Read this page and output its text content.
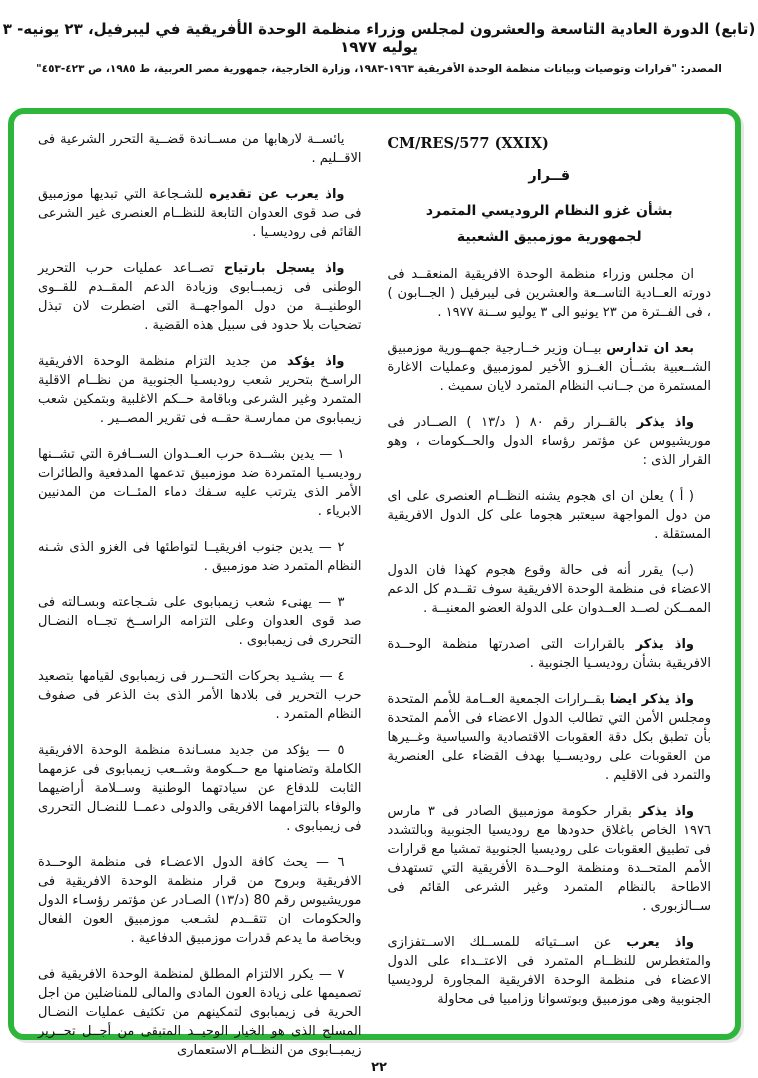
(تابع) الدورة العادية التاسعة والعشرون لمجلس وزراء منظمة الوحدة الأفريقية في ليبرفيل، ٢٣ يونيه- ٣ يوليه ١٩٧٧
المصدر: "قرارات وتوصيات وبيانات منظمة الوحدة الأفريقية ١٩٦٣-١٩٨٣، وزارة الخارجية، جمهورية مصر العربية، ط ١٩٨٥، ص ٤٢٣-٤٥٣"
CM/RES/577 (XXIX)
قــرار
بشأن غزو النظام الروديسي المتمرد
لجمهورية موزمبيق الشعبية

ان مجلس وزراء منظمة الوحدة الافريقية المنعقــد فى دورته العــادية التاســعة والعشرين فى ليبرفيل ( الجــابون ) ، فى الفــترة من ٢٣ يونيو الى ٣ يوليو ســنة ١٩٧٧ .

بعد ان تدارس بيــان وزير خــارجية جمهــورية موزمبيق الشــعبية بشــأن الغــزو الأخير لموزمبيق وعمليات الاغارة المستمرة من جــانب النظام المتمرد لايان سميث .

واذ يذكر بالقــرار رقم ٨٠ ( د/١٣ ) الصــادر فى موريشيوس عن مؤتمر رؤساء الدول والحــكومات ، وهو القرار الذى :

( أ ) يعلن ان اى هجوم يشنه النظــام العنصرى على اى من دول المواجهة سيعتبر هجوما على كل الدول الافريقية المستقلة .

(ب) يقرر أنه فى حالة وقوع هجوم كهذا فان الدول الاعضاء فى منظمة الوحدة الافريقية سوف تقــدم كل الدعم الممــكن لصــد العــدوان على الدولة العضو المعنيــة .

واذ يذكر بالقرارات التى اصدرتها منظمة الوحــدة الافريقية بشأن روديسـيا الجنوبية .

واذ يذكر ايضا بقــرارات الجمعية العــامة للأمم المتحدة ومجلس الأمن التي تطالب الدول الاعضاء فى الأمم المتحدة بأن تطبق بكل دقة العقوبات الاقتصادية والسياسية وغــيرها من العقوبات على روديســيا بهدف القضاء على العنصرية والتمرد فى الاقليم .

واذ يذكر بقرار حكومة موزمبيق الصادر فى ٣ مارس ١٩٧٦ الخاص باغلاق حدودها مع روديسيا الجنوبية وبالتشدد فى تطبيق العقوبات على روديسيا الجنوبية تمشيا مع قرارات الأمم المتحــدة ومنظمة الوحــدة الأفريقية التي تستهدف الاطاحة بالنظام المتمرد وغير الشرعى القائم فى ســالزبورى .

واذ يعرب عن اســتيائه للمســلك الاســتفزازى والمتغطرس للنظــام المتمرد فى الاعتــداء على الدول الاعضاء فى منظمة الوحدة الافريقية المجاورة لروديسيا الجنوبية وهى موزمبيق وبوتسوانا وزامبيا فى محاولة

يائســة لارهابها من مســاندة قضــية التحرر الشرعية فى الاقــليم .

واذ يعرب عن تقديره للشـجاعة التي تبديها موزمبيق فى صد قوى العدوان التابعة للنظــام العنصرى غير الشرعى القائم فى روديسـيا .

واذ يسجل بارتياح تصــاعد عمليات حرب التحرير الوطنى فى زيمبــابوى وزيادة الدعم المقــدم للقــوى الوطنيــة من دول المواجهــة التى اضطرت لان تبذل تضحيات بلا حدود فى سبيل هذه القضية .

واذ يؤكد من جديد التزام منظمة الوحدة الافريقية الراسـخ بتحرير شعب روديسـيا الجنوبية من نظــام الاقلية المتمرد وغير الشرعى وباقامة حــكم الاغلبية وبتمكين شعب زيمبابوى من ممارسـة حقــه فى تقرير المصــير .

١ — يدين بشــدة حرب العــدوان الســافرة التي تشــنها روديسـيا المتمردة ضد موزمبيق تدعمها المدفعية والطائرات الأمر الذى يترتب عليه سـفك دماء المئــات من المدنيين الابرياء .

٢ — يدين جنوب افريقيــا لتواطئها فى الغزو الذى شـنه النظام المتمرد ضد موزمبيق .

٣ — يهنىء شعب زيمبابوى على شـجاعته وبسـالته فى صد قوى العدوان وعلى التزامه الراســخ تجــاه النضـال التحررى فى زيمبابوى .

٤ — يشـيد بحركات التحــرر فى زيمبابوى لقيامها بتصعيد حرب التحرير فى بلادها الأمر الذى بث الذعر فى صفوف النظام المتمرد .

٥ — يؤكد من جديد مسـاندة منظمة الوحدة الافريقية الكاملة وتضامنها مع حــكومة وشــعب زيمبابوى فى عزمهما الثابت للدفاع عن سيادتهما الوطنية وســلامة أراضيهما والوفاء بالتزامهما الافريقى والدولى دعمــا للنضـال التحررى فى زيمبابوى .

٦ — يحث كافة الدول الاعضـاء فى منظمة الوحــدة الافريقية وبروح من قرار منظمة الوحدة الافريقية فى موريشيوس رقم 80 (د/١٣) الصـادر عن مؤتمر رؤسـاء الدول والحكومات ان تتقــدم لشـعب موزمبيق العون الفعال وبخاصة ما يدعم قدرات موزمبيق الدفاعية .

٧ — يكرر الالتزام المطلق لمنظمة الوحدة الافريقية فى تصميمها على زيادة العون المادى والمالى للمناضلين من اجل الحرية فى زيمبابوى لتمكينهم من تكثيف عمليات النضـال المسلح الذى هو الخيار الوحيــد المتبقى من أجــل تحــرير زيمبــابوى من النظــام الاستعمارى

٢٢
